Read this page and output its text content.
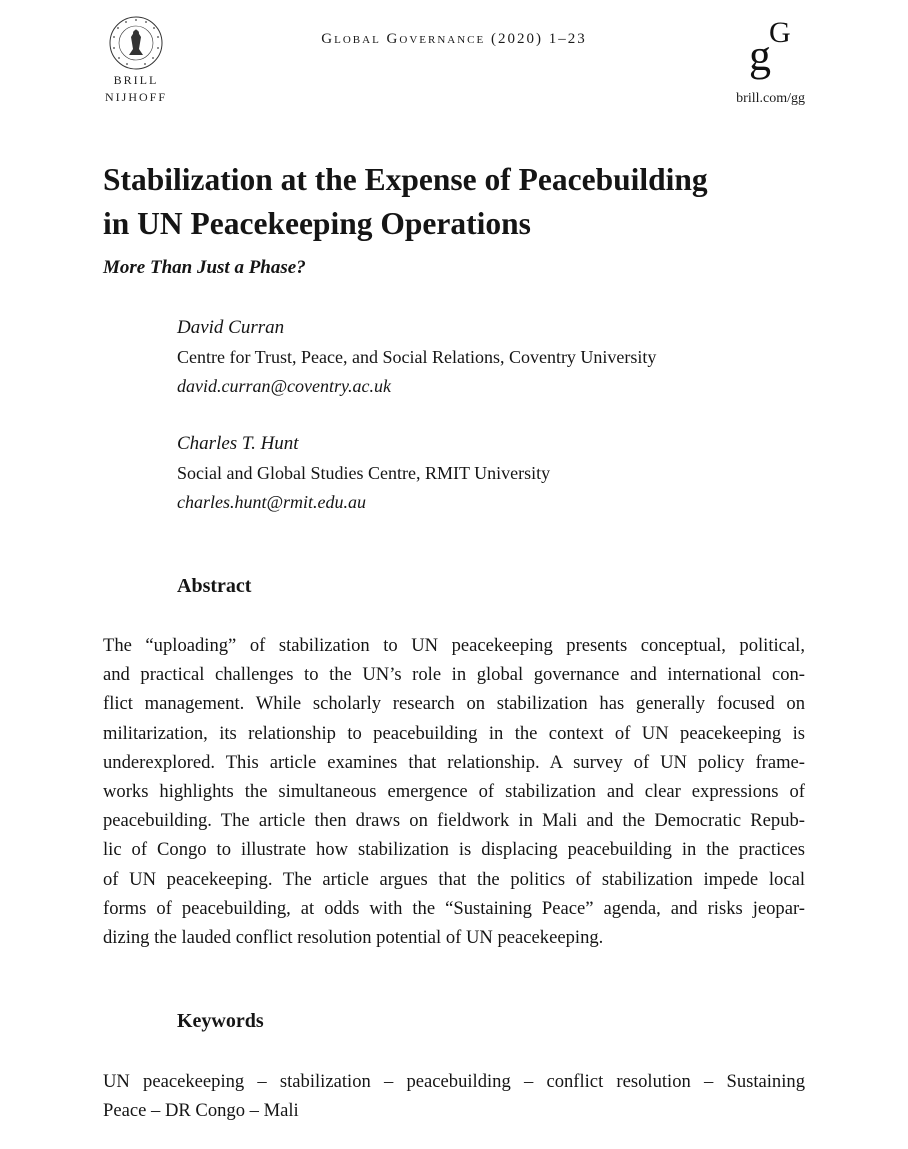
BRILL
NIJHOFF
Global Governance (2020) 1–23	g
G
brill.com/gg
Stabilization at the Expense of Peacebuilding
in UN Peacekeeping Operations

More Than Just a Phase?

David Curran

Centre for Trust, Peace, and Social Relations, Coventry University

david.curran@coventry.ac.uk

Charles T. Hunt

Social and Global Studies Centre, RMIT University

charles.hunt@rmit.edu.au

Abstract

The “uploading” of stabilization to UN peacekeeping presents conceptual, political,
and practical challenges to the UN’s role in global governance and international con-
flict management. While scholarly research on stabilization has generally focused on
militarization, its relationship to peacebuilding in the context of UN peacekeeping is
underexplored. This article examines that relationship. A survey of UN policy frame-
works highlights the simultaneous emergence of stabilization and clear expressions of
peacebuilding. The article then draws on fieldwork in Mali and the Democratic Repub-
lic of Congo to illustrate how stabilization is displacing peacebuilding in the practices
of UN peacekeeping. The article argues that the politics of stabilization impede local
forms of peacebuilding, at odds with the “Sustaining Peace” agenda, and risks jeopar-
dizing the lauded conflict resolution potential of UN peacekeeping.

Keywords

UN peacekeeping – stabilization – peacebuilding – conflict resolution – Sustaining
Peace – DR Congo – Mali
